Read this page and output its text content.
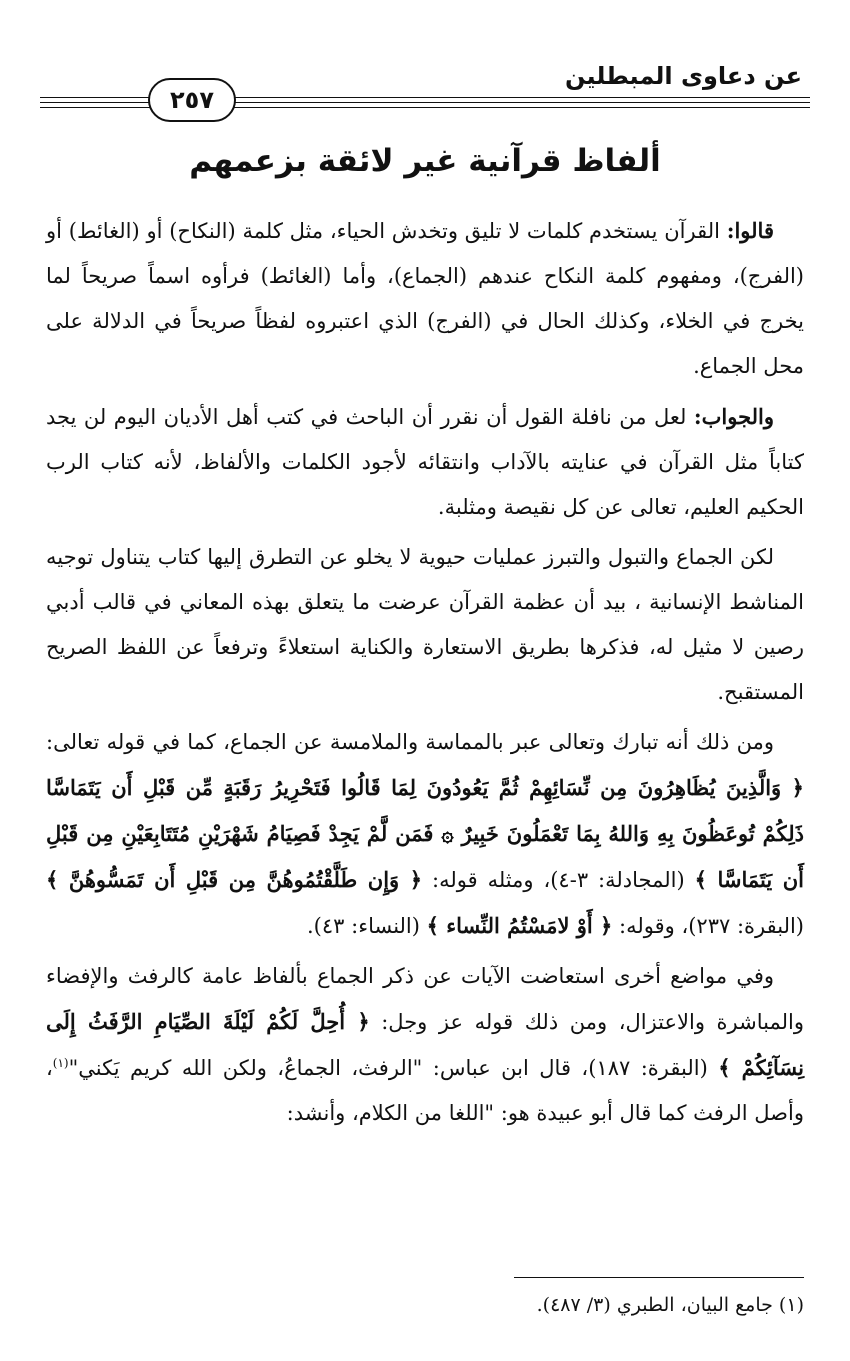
عن دعاوى المبطلين
٢٥٧
ألفاظ قرآنية غير لائقة بزعمهم

قالوا: القرآن يستخدم كلمات لا تليق وتخدش الحياء، مثل كلمة (النكاح) أو (الغائط) أو (الفرج)، ومفهوم كلمة النكاح عندهم (الجماع)، وأما (الغائط) فرأوه اسماً صريحاً لما يخرج في الخلاء، وكذلك الحال في (الفرج) الذي اعتبروه لفظاً صريحاً في الدلالة على محل الجماع.

والجواب: لعل من نافلة القول أن نقرر أن الباحث في كتب أهل الأديان اليوم لن يجد كتاباً مثل القرآن في عنايته بالآداب وانتقائه لأجود الكلمات والألفاظ، لأنه كتاب الرب الحكيم العليم، تعالى عن كل نقيصة ومثلبة.

لكن الجماع والتبول والتبرز عمليات حيوية لا يخلو عن التطرق إليها كتاب يتناول توجيه المناشط الإنسانية ، بيد أن عظمة القرآن عرضت ما يتعلق بهذه المعاني في قالب أدبي رصين لا مثيل له، فذكرها بطريق الاستعارة والكناية استعلاءً وترفعاً عن اللفظ الصريح المستقبح.

ومن ذلك أنه تبارك وتعالى عبر بالمماسة والملامسة عن الجماع، كما في قوله تعالى: ﴿ وَالَّذِينَ يُظَاهِرُونَ مِن نِّسَائِهِمْ ثُمَّ يَعُودُونَ لِمَا قَالُوا فَتَحْرِيرُ رَقَبَةٍ مِّن قَبْلِ أَن يَتَمَاسَّا ذَلِكُمْ تُوعَظُونَ بِهِ وَاللهُ بِمَا تَعْمَلُونَ خَبِيرٌ ۞ فَمَن لَّمْ يَجِدْ فَصِيَامُ شَهْرَيْنِ مُتَتَابِعَيْنِ مِن قَبْلِ أَن يَتَمَاسَّا ﴾ (المجادلة: ٣-٤)، ومثله قوله: ﴿ وَإِن طَلَّقْتُمُوهُنَّ مِن قَبْلِ أَن تَمَسُّوهُنَّ ﴾ (البقرة: ٢٣٧)، وقوله: ﴿ أَوْ لامَسْتُمُ النِّساء ﴾ (النساء: ٤٣).

وفي مواضع أخرى استعاضت الآيات عن ذكر الجماع بألفاظ عامة كالرفث والإفضاء والمباشرة والاعتزال، ومن ذلك قوله عز وجل: ﴿ أُحِلَّ لَكُمْ لَيْلَةَ الصِّيَامِ الرَّفَثُ إِلَى نِسَآئِكُمْ ﴾ (البقرة: ١٨٧)، قال ابن عباس: "الرفث، الجماعُ، ولكن الله كريم يَكني"$^{(١)}$، وأصل الرفث كما قال أبو عبيدة هو: "اللغا من الكلام، وأنشد:

(١) جامع البيان، الطبري (٣/ ٤٨٧).
